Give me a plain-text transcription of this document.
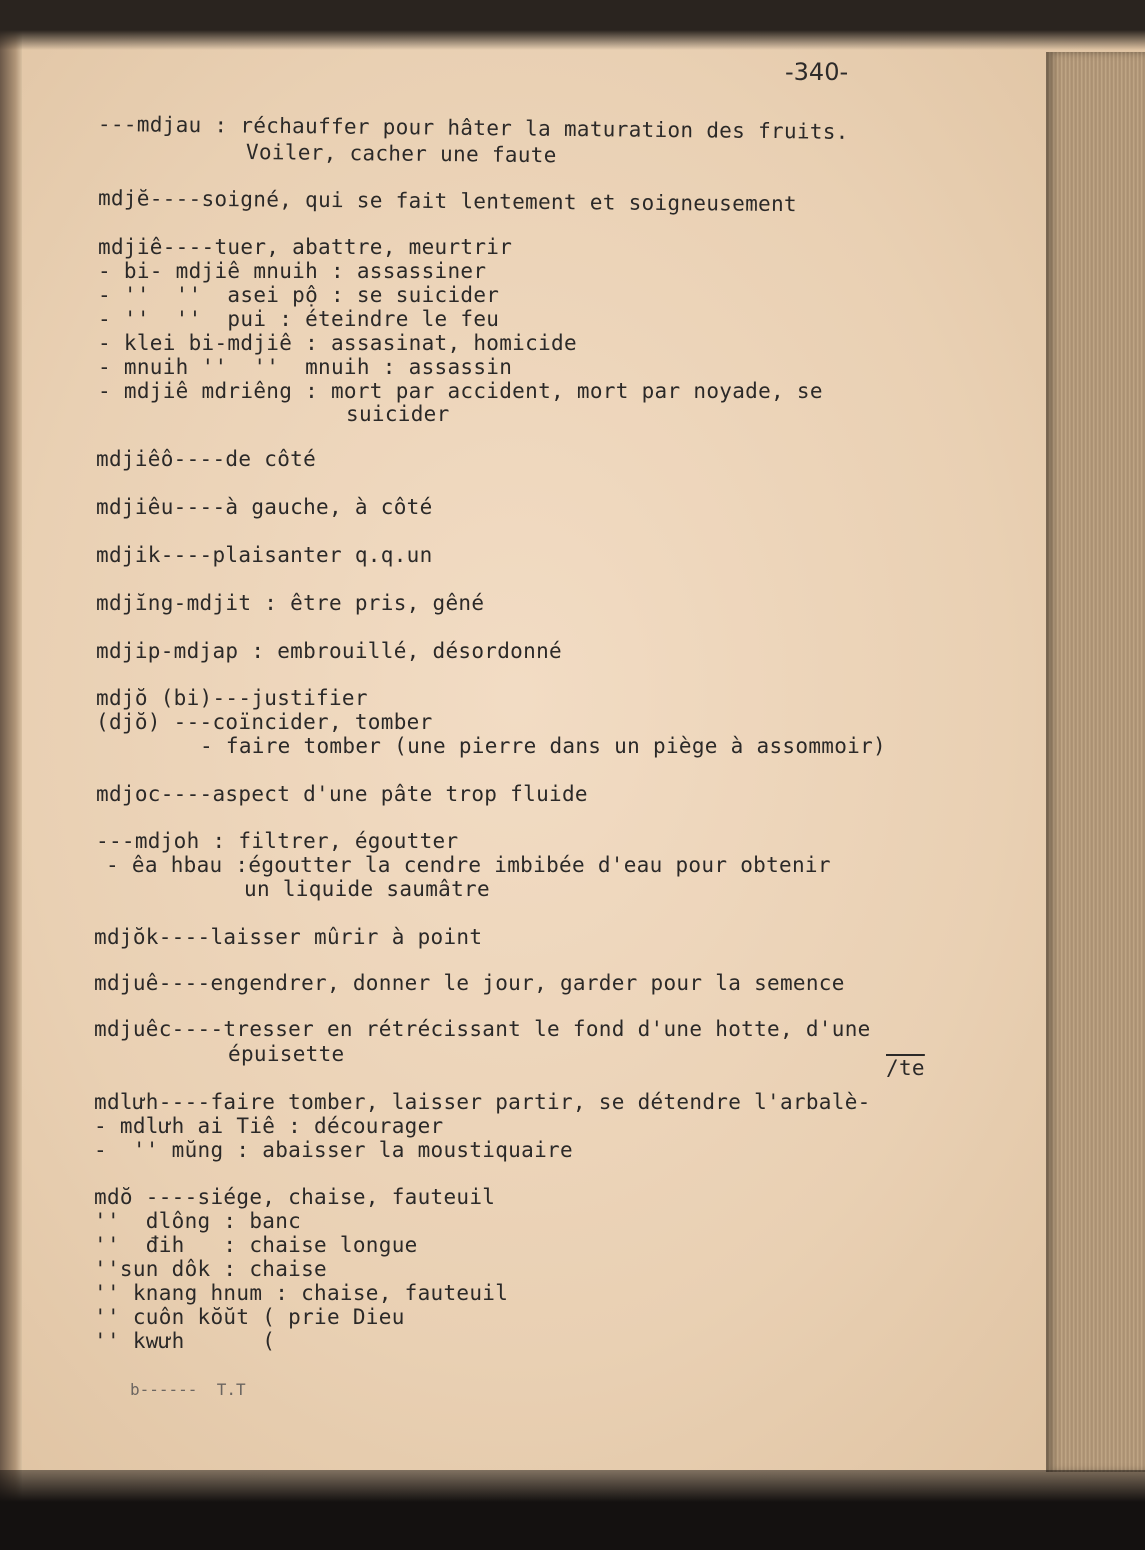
-340-
---mdjau : réchauffer pour hâter la maturation des fruits.
Voiler, cacher une faute
mdjĕ----soigné, qui se fait lentement et soigneusement
mdjiê----tuer, abattre, meurtrir
- bi- mdjiê mnuih : assassiner
- ''  ''  asei pộ : se suicider
- ''  ''  pui : éteindre le feu
- klei bi-mdjiê : assasinat, homicide
- mnuih ''  ''  mnuih : assassin
- mdjiê mdriêng : mort par accident, mort par noyade, se
suicider
mdjiêô----de côté
mdjiêu----à gauche, à côté
mdjik----plaisanter q.q.un
mdjĭng-mdjit : être pris, gêné
mdjip-mdjap : embrouillé, désordonné
mdjŏ (bi)---justifier
(djŏ) ---coïncider, tomber
- faire tomber (une pierre dans un piège à assommoir)
mdjoc----aspect d'une pâte trop fluide
---mdjoh : filtrer, égoutter
- êa hbau :égoutter la cendre imbibée d'eau pour obtenir
un liquide saumâtre
mdjŏk----laisser mûrir à point
mdjuê----engendrer, donner le jour, garder pour la semence
mdjuêc----tresser en rétrécissant le fond d'une hotte, d'une
épuisette
/te
mdlưh----faire tomber, laisser partir, se détendre l'arbalè-
- mdlưh ai Tiê : décourager
-  '' mŭng : abaisser la moustiquaire
mdŏ ----siége, chaise, fauteuil
''  dlông : banc
''  đih   : chaise longue
''sun dôk : chaise
'' knang hnum : chaise, fauteuil
'' cuôn kŏŭt ( prie Dieu
'' kwưh      (
b------  T.T
